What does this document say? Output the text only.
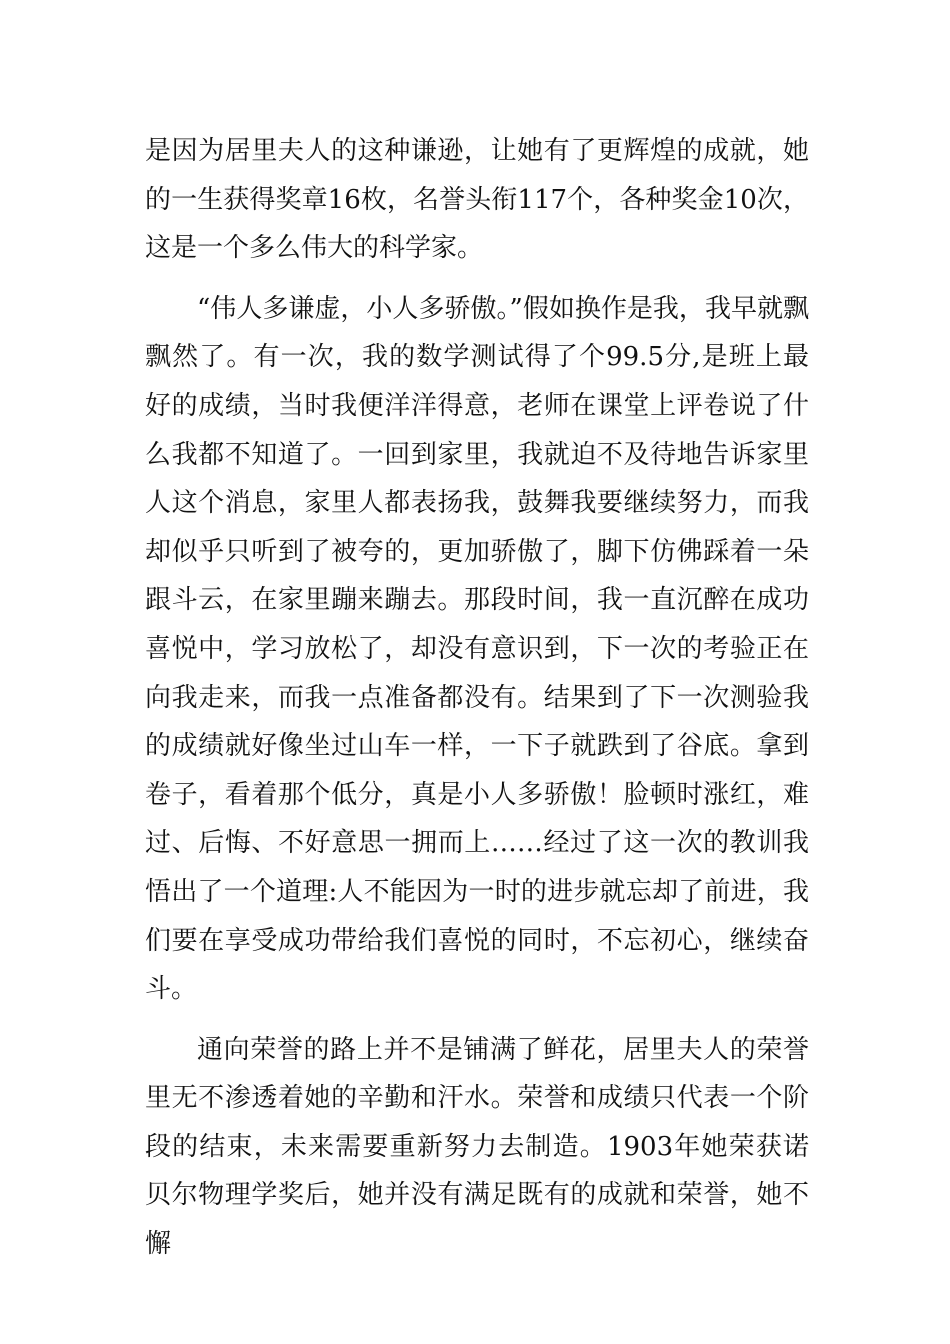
是因为居里夫人的这种谦逊，让她有了更辉煌的成就，她的一生获得奖章16枚，名誉头衔117个，各种奖金10次，这是一个多么伟大的科学家。

“伟人多谦虚，小人多骄傲。”假如换作是我，我早就飘飘然了。有一次，我的数学测试得了个99.5分,是班上最好的成绩，当时我便洋洋得意，老师在课堂上评卷说了什么我都不知道了。一回到家里，我就迫不及待地告诉家里人这个消息，家里人都表扬我，鼓舞我要继续努力，而我却似乎只听到了被夸的，更加骄傲了，脚下仿佛踩着一朵跟斗云，在家里蹦来蹦去。那段时间，我一直沉醉在成功喜悦中，学习放松了，却没有意识到，下一次的考验正在向我走来，而我一点准备都没有。结果到了下一次测验我的成绩就好像坐过山车一样，一下子就跌到了谷底。拿到卷子，看着那个低分，真是小人多骄傲！脸顿时涨红，难过、后悔、不好意思一拥而上……经过了这一次的教训我悟出了一个道理:人不能因为一时的进步就忘却了前进，我们要在享受成功带给我们喜悦的同时，不忘初心，继续奋斗。

通向荣誉的路上并不是铺满了鲜花，居里夫人的荣誉里无不渗透着她的辛勤和汗水。荣誉和成绩只代表一个阶段的结束，未来需要重新努力去制造。1903年她荣获诺贝尔物理学奖后，她并没有满足既有的成就和荣誉，她不懈
